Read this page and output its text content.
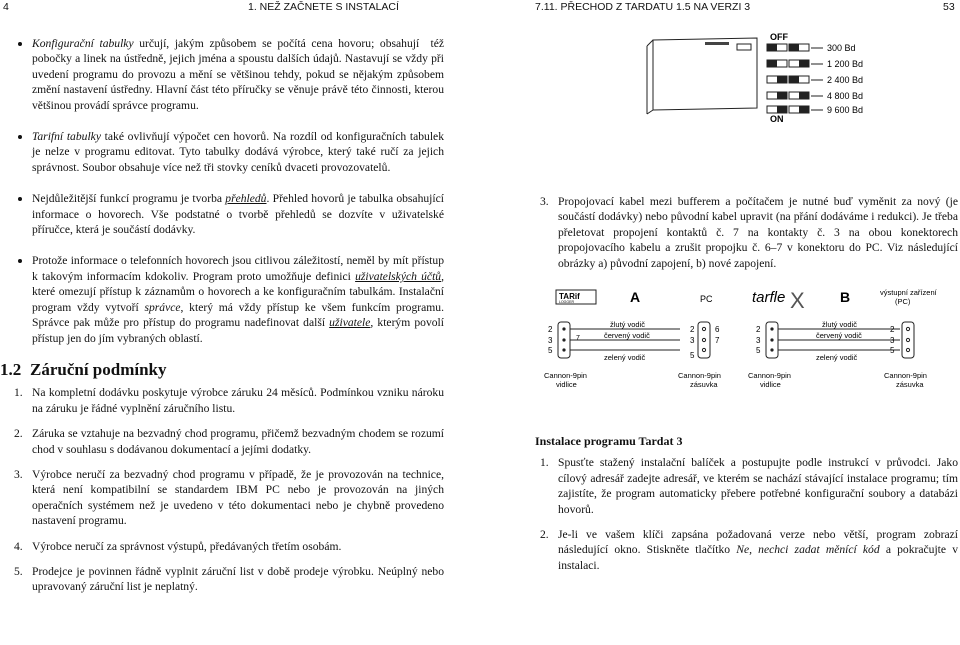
4	1. NEŽ ZAČNETE S INSTALACÍ	7.11. PŘECHOD Z TARDATU 1.5 NA VERZI 3	53
Konfigurační tabulky určují, jakým způsobem se počítá cena hovoru; obsahují  též pobočky a linek na ústředně, jejich jména a spoustu dalších údajů. Nastavují se vždy při uvedení programu do provozu a mění se většinou tehdy, pokud se nějakým způsobem změní nastavení ústředny. Hlavní část této příručky se věnuje právě této činnosti, kterou většinou provádí správce programu.
Tarifní tabulky také ovlivňují výpočet cen hovorů. Na rozdíl od konfiguračních tabulek je nelze v programu editovat. Tyto tabulky dodává výrobce, který také ručí za jejich správnost. Soubor obsahuje více než tři stovky ceníků dvaceti provozovatelů.
Nejdůležitější funkcí programu je tvorba přehledů. Přehled hovorů je tabulka obsahující informace o hovorech. Vše podstatné o tvorbě přehledů se dozvíte v uživatelské příručce, která je součástí dodávky.
Protože informace o telefonních hovorech jsou citlivou záležitostí, neměl by mít přístup k takovým informacím kdokoliv. Program proto umožňuje definici uživatelských účtů, které omezují přístup k záznamům o hovorech a ke konfiguračním tabulkám. Instalační program vždy vytvoří správce, který má vždy přístup ke všem funkcím programu. Správce pak může pro přístup do programu nadefinovat další uživatele, kterým povolí přístup jen do jím vybraných oblastí.
1.2 Záruční podmínky
1. Na kompletní dodávku poskytuje výrobce záruku 24 měsíců. Podmínkou vzniku nároku na záruku je řádné vyplnění záručního listu.
2. Záruka se vztahuje na bezvadný chod programu, přičemž bezvadným chodem se rozumí chod v souhlasu s dodávanou dokumentací a jejími dodatky.
3. Výrobce neručí za bezvadný chod programu v případě, že je provozován na technice, která není kompatibilní se standardem IBM PC nebo je provozován na jiných operačních systémem než je uvedeno v této dokumentaci nebo je chybně provedeno nastavení programu.
4. Výrobce neručí za správnost výstupů, předávaných třetím osobám.
5. Prodejce je povinnen řádně vyplnit záruční list v době prodeje výrobku. Neúplný nebo upravovaný záruční list je neplatný.
OFF
ON
300 Bd
1 200 Bd
2 400 Bd
4 800 Bd
9 600 Bd
3. Propojovací kabel mezi bufferem a počítačem je nutné buď vyměnit za nový (je součástí dodávky) nebo původní kabel upravit (na přání dodáváme i redukci). Je třeba přeletovat propojení kontaktů č. 7 na kontakty č. 3 na obou konektorech propojovacího kabelu a zrušit propojku č. 6–7 v konektoru do PC. Viz následující obrázky a) původní zapojení, b) nové zapojení.
TARif
LOGGER	A	PC	tarfle X	B	výstupní zařízení
(PC)
2
3
5
7
žlutý vodič
červený vodič
zelený vodič
2
3
5
6
7
Cannon-9pin
vidlice
Cannon-9pin
zásuvka
2
3
5
žlutý vodič
červený vodič
zelený vodič
2
3
5
Cannon-9pin
vidlice
Cannon-9pin
zásuvka
Instalace programu Tardat 3
1. Spusťte stažený instalační balíček a postupujte podle instrukcí v průvodci. Jako cílový adresář zadejte adresář, ve kterém se nachází stávající instalace programu; tím zajistíte, že program automaticky přebere potřebné konfigurační soubory a databázi hovorů.
2. Je-li ve vašem klíči zapsána požadovaná verze nebo větší, program zobrazí následující okno. Stiskněte tlačítko Ne, nechci zadat měnící kód a pokračujte v instalaci.
